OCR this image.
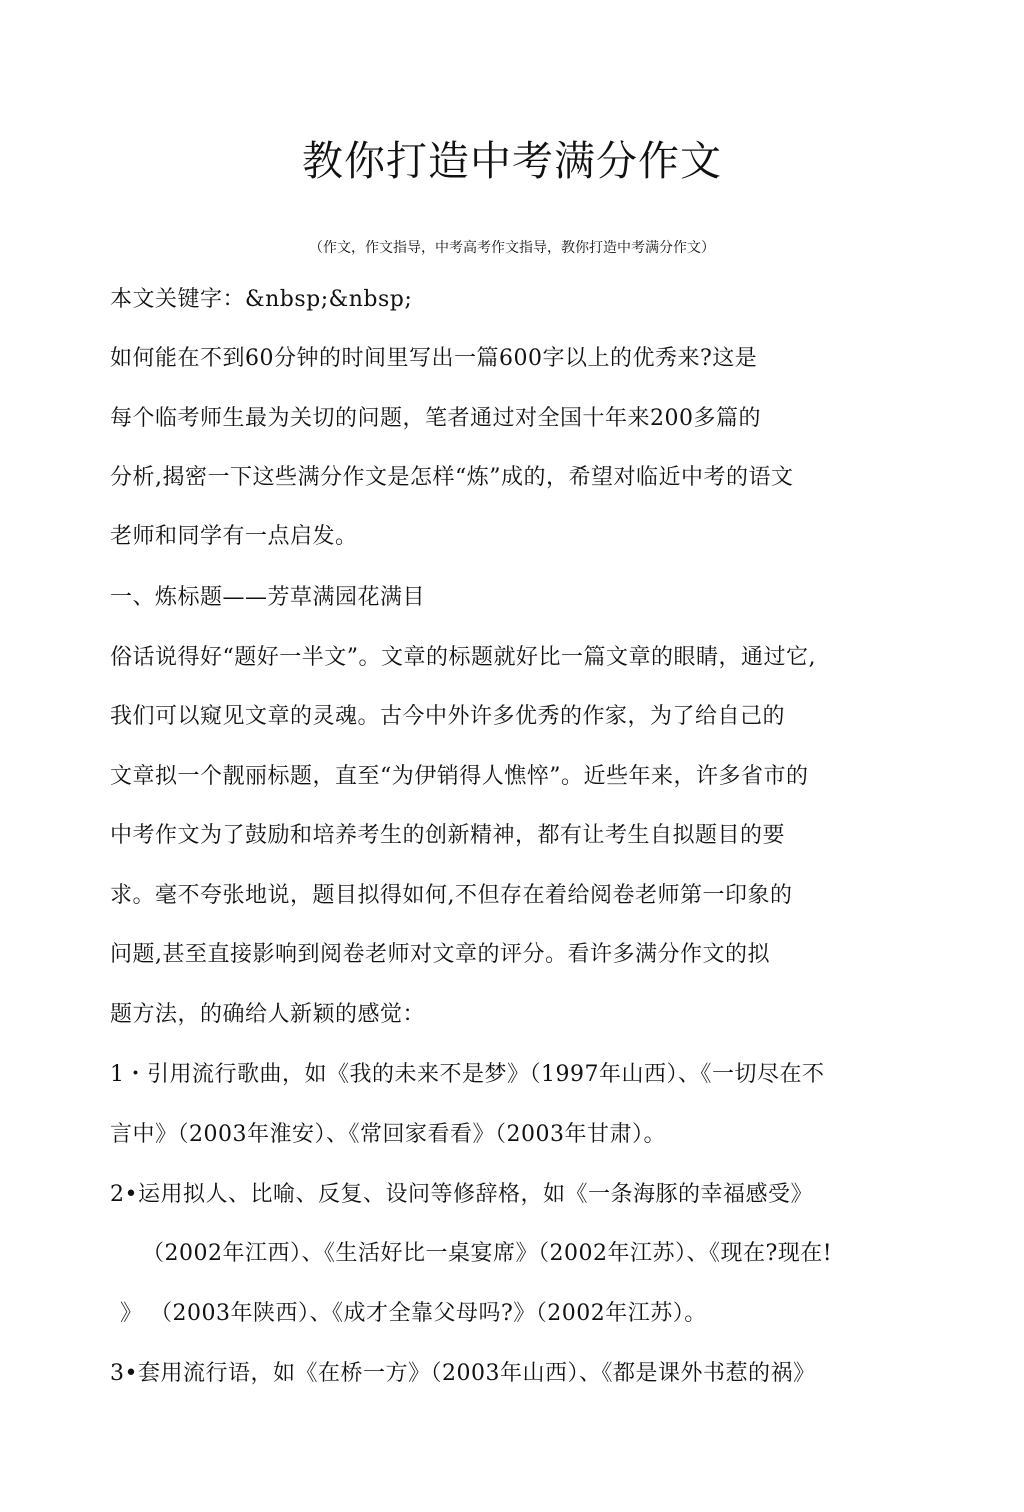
教你打造中考满分作文
（作文，作文指导，中考高考作文指导，教你打造中考满分作文）
本文关键字：&nbsp;&nbsp;
如何能在不到60分钟的时间里写出一篇600字以上的优秀来?这是
每个临考师生最为关切的问题，笔者通过对全国十年来200多篇的
分析,揭密一下这些满分作文是怎样“炼”成的，希望对临近中考的语文
老师和同学有一点启发。
一、炼标题——芳草满园花满目
俗话说得好“题好一半文”。文章的标题就好比一篇文章的眼睛，通过它,
我们可以窥见文章的灵魂。古今中外许多优秀的作家，为了给自己的
文章拟一个靓丽标题，直至“为伊销得人憔悴”。近些年来，许多省市的
中考作文为了鼓励和培养考生的创新精神，都有让考生自拟题目的要
求。毫不夸张地说，题目拟得如何,不但存在着给阅卷老师第一印象的
问题,甚至直接影响到阅卷老师对文章的评分。看许多满分作文的拟
题方法，的确给人新颖的感觉：
1・引用流行歌曲，如《我的未来不是梦》（1997年山西）、《一切尽在不
言中》（2003年淮安）、《常回家看看》（2003年甘肃）。
2•运用拟人、比喻、反复、设问等修辞格，如《一条海豚的幸福感受》
（2002年江西）、《生活好比一桌宴席》（2002年江苏）、《现在?现在!
》 （2003年陕西）、《成才全靠父母吗?》（2002年江苏）。
3•套用流行语，如《在桥一方》（2003年山西）、《都是课外书惹的祸》
